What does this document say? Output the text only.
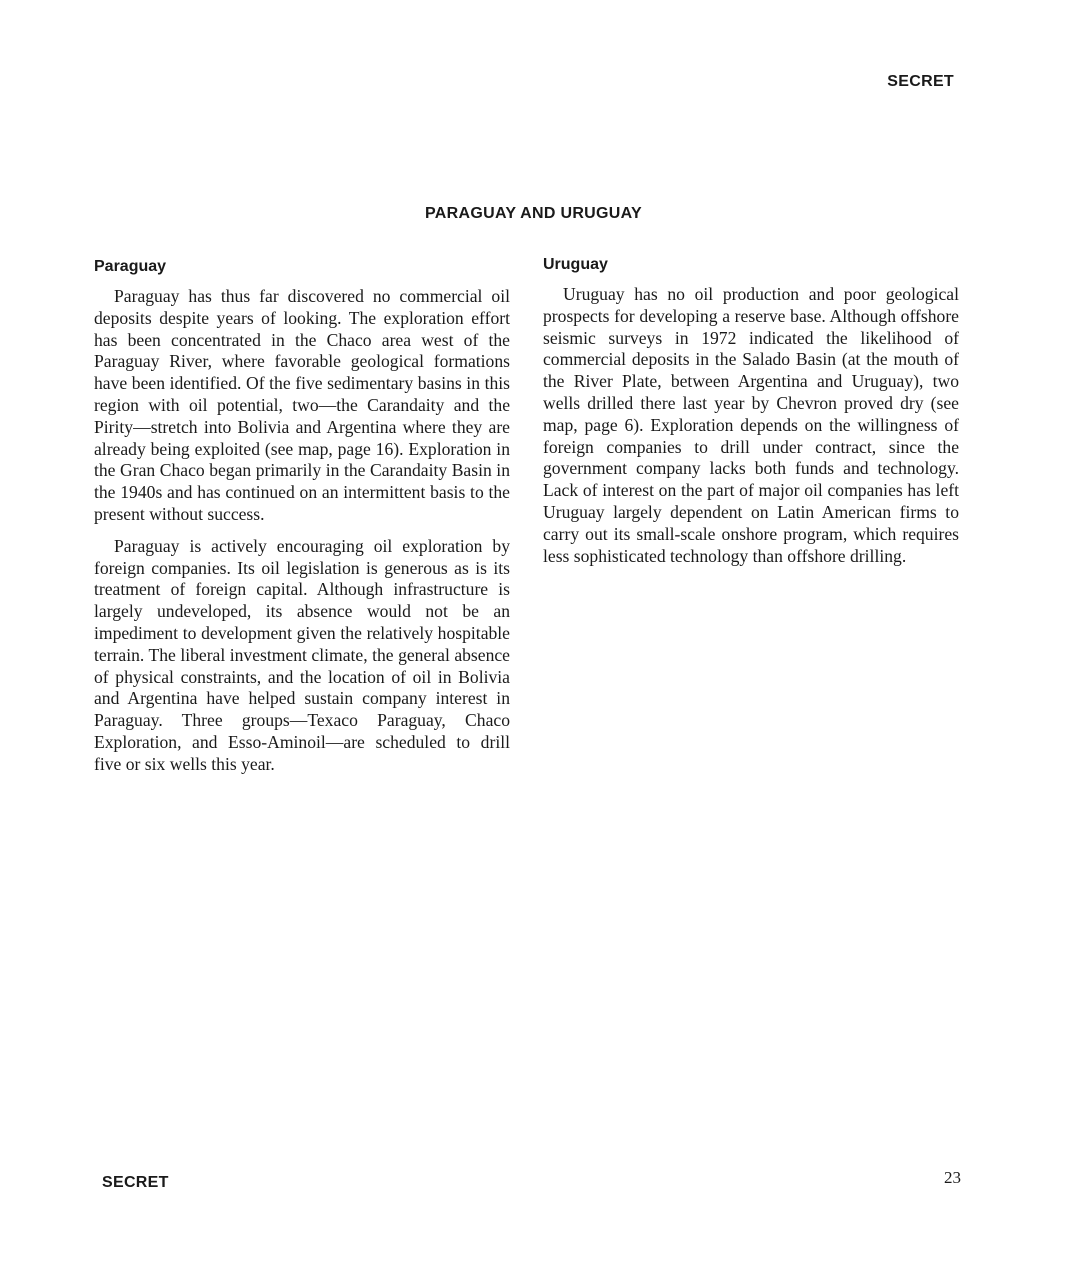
SECRET
PARAGUAY AND URUGUAY
Paraguay

Paraguay has thus far discovered no commercial oil deposits despite years of looking. The exploration effort has been concentrated in the Chaco area west of the Paraguay River, where favorable geological formations have been identified. Of the five sedimentary basins in this region with oil potential, two—the Carandaity and the Pirity—stretch into Bolivia and Argentina where they are already being exploited (see map, page 16). Exploration in the Gran Chaco began primarily in the Carandaity Basin in the 1940s and has continued on an intermittent basis to the present without success.

Paraguay is actively encouraging oil exploration by foreign companies. Its oil legislation is generous as is its treatment of foreign capital. Although infrastructure is largely undeveloped, its absence would not be an impediment to development given the relatively hospitable terrain. The liberal investment climate, the general absence of physical constraints, and the location of oil in Bolivia and Argentina have helped sustain company interest in Paraguay. Three groups—Texaco Paraguay, Chaco Exploration, and Esso-Aminoil—are scheduled to drill five or six wells this year.

Uruguay

Uruguay has no oil production and poor geological prospects for developing a reserve base. Although offshore seismic surveys in 1972 indicated the likelihood of commercial deposits in the Salado Basin (at the mouth of the River Plate, between Argentina and Uruguay), two wells drilled there last year by Chevron proved dry (see map, page 6). Exploration depends on the willingness of foreign companies to drill under contract, since the government company lacks both funds and technology. Lack of interest on the part of major oil companies has left Uruguay largely dependent on Latin American firms to carry out its small-scale onshore program, which requires less sophisticated technology than offshore drilling.

SECRET	23
